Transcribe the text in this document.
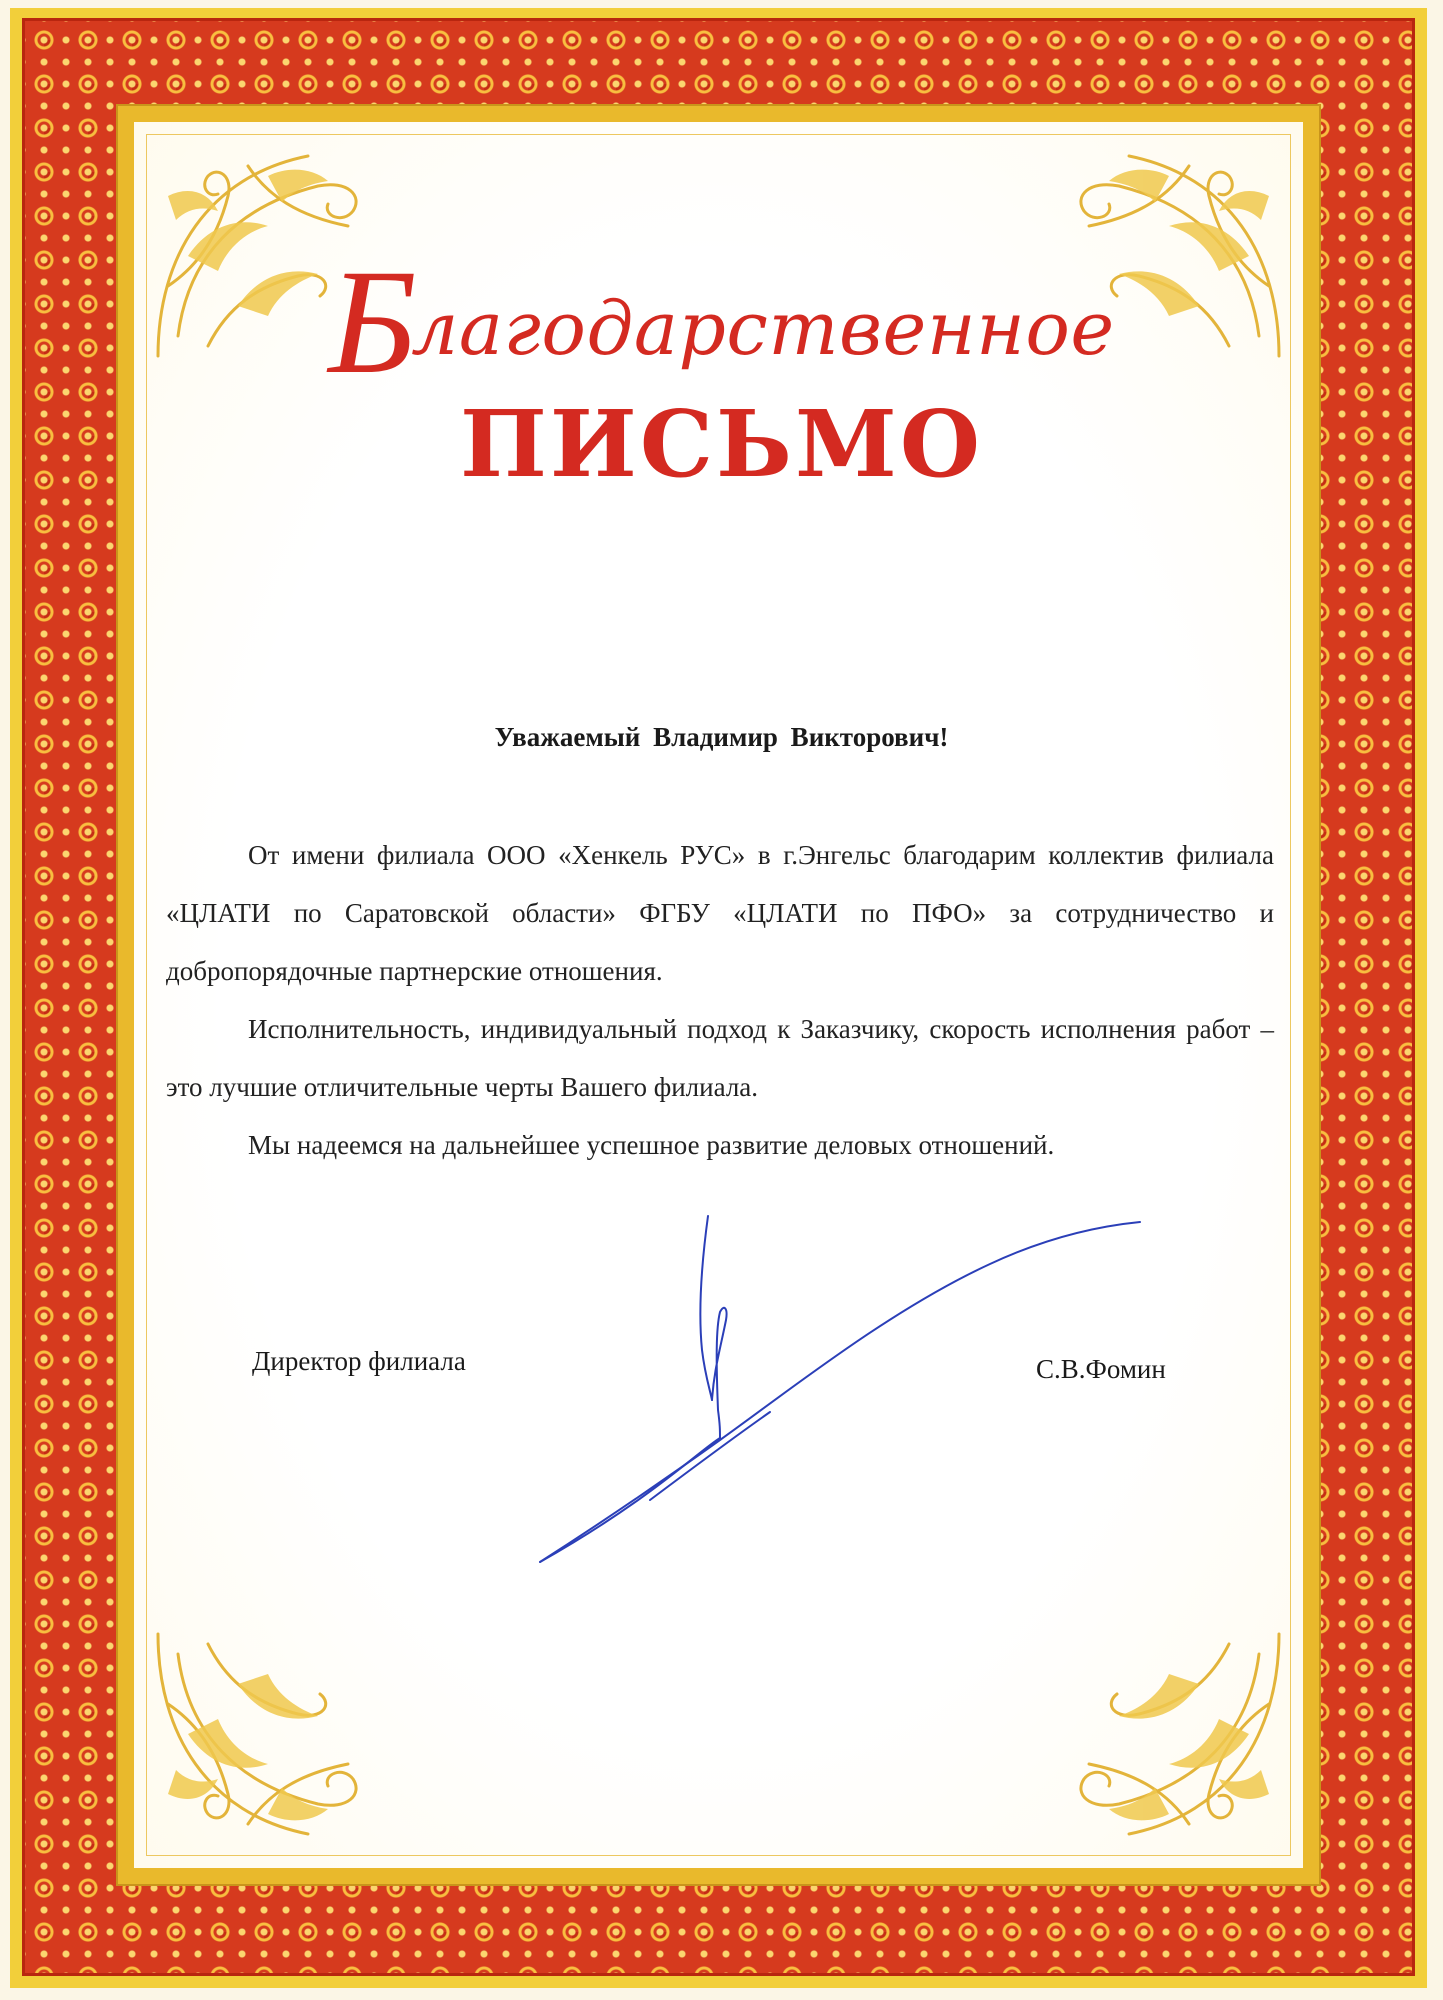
Благодарственное
ПИСЬМО
Уважаемый Владимир Викторович!

От имени филиала ООО «Хенкель РУС» в г.Энгельс благодарим коллектив филиала «ЦЛАТИ по Саратовской области» ФГБУ «ЦЛАТИ по ПФО» за сотрудничество и добропорядочные партнерские отношения.

Исполнительность, индивидуальный подход к Заказчику, скорость исполнения работ – это лучшие отличительные черты Вашего филиала.

Мы надеемся на дальнейшее успешное развитие деловых отношений.

Директор филиала	С.В.Фомин
